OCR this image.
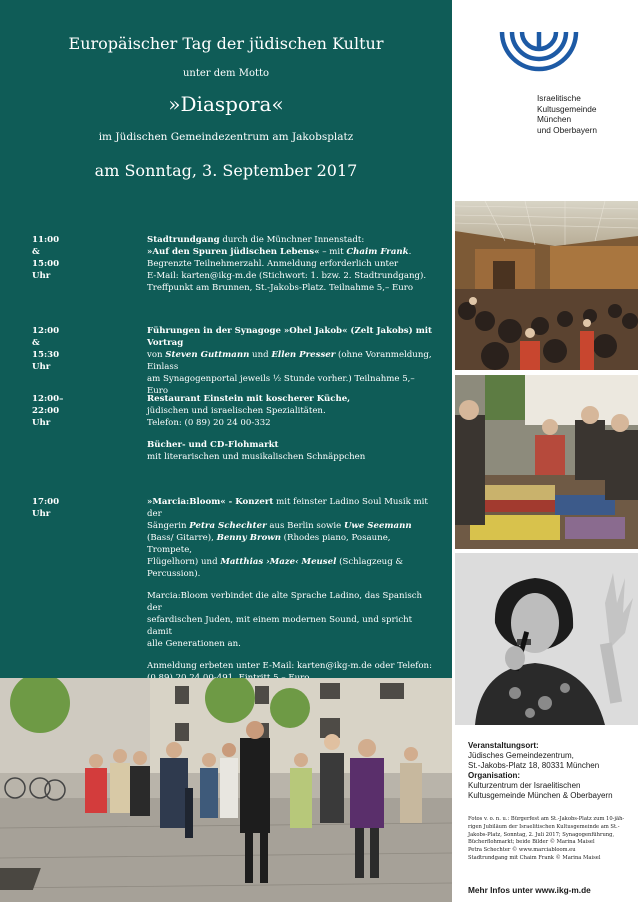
Europäischer Tag der jüdischen Kultur
unter dem Motto
»Diaspora«
im Jüdischen Gemeindezentrum am Jakobsplatz
am Sonntag, 3. September 2017
11:00 & 15:00 Uhr
Stadtrundgang durch die Münchner Innenstadt:
»Auf den Spuren jüdischen Lebens« – mit Chaim Frank.
Begrenzte Teilnehmerzahl. Anmeldung erforderlich unter
E-Mail: karten@ikg-m.de (Stichwort: 1. bzw. 2. Stadtrundgang).
Treffpunkt am Brunnen, St.-Jakobs-Platz. Teilnahme 5,– Euro
12:00 & 15:30 Uhr
Führungen in der Synagoge »Ohel Jakob« (Zelt Jakobs) mit Vortrag
von Steven Guttmann und Ellen Presser (ohne Voranmeldung, Einlass
am Synagogenportal jeweils ½ Stunde vorher.) Teilnahme 5,– Euro
12:00–22:00 Uhr
Restaurant Einstein mit koscherer Küche,
jüdischen und israelischen Spezialitäten.
Telefon: (0 89) 20 24 00-332
Bücher- und CD-Flohmarkt
mit literarischen und musikalischen Schnäppchen
17:00 Uhr

»Marcia:Bloom« - Konzert mit feinster Ladino Soul Musik mit der
Sängerin Petra Schechter aus Berlin sowie Uwe Seemann
(Bass/ Gitarre), Benny Brown (Rhodes piano, Posaune, Trompete,
Flügelhorn) und Matthias ›Maze‹ Meusel (Schlagzeug & Percussion).

Marcia:Bloom verbindet die alte Sprache Ladino, das Spanisch der
sefardischen Juden, mit einem modernen Sound, und spricht damit
alle Generationen an.

Anmeldung erbeten unter E-Mail: karten@ikg-m.de oder Telefon:

Israelitische
Kultusgemeinde
München
und Oberbayern
Veranstaltungsort:
Jüdisches Gemeindezentrum,
St.-Jakobs-Platz 18, 80331 München
Organisation:
Kulturzentrum der Israelitischen
Kultusgemeinde München & Oberbayern
Fotos v. o. n. u.: Bürgerfest am St.-Jakobs-Platz zum 10-jäh-
rigen Jubiläum der Israelitischen Kultusgemeinde am St.-
Jakobs-Platz, Sonntag, 2. Juli 2017; Synagogenführung,
Bücherflohmarkt; beide Bilder © Marina Maisel
Petra Schechter © www.marciabloom.eu
Stadtrundgang mit Chaim Frank © Marina Maisel
Mehr Infos unter www.ikg-m.de
